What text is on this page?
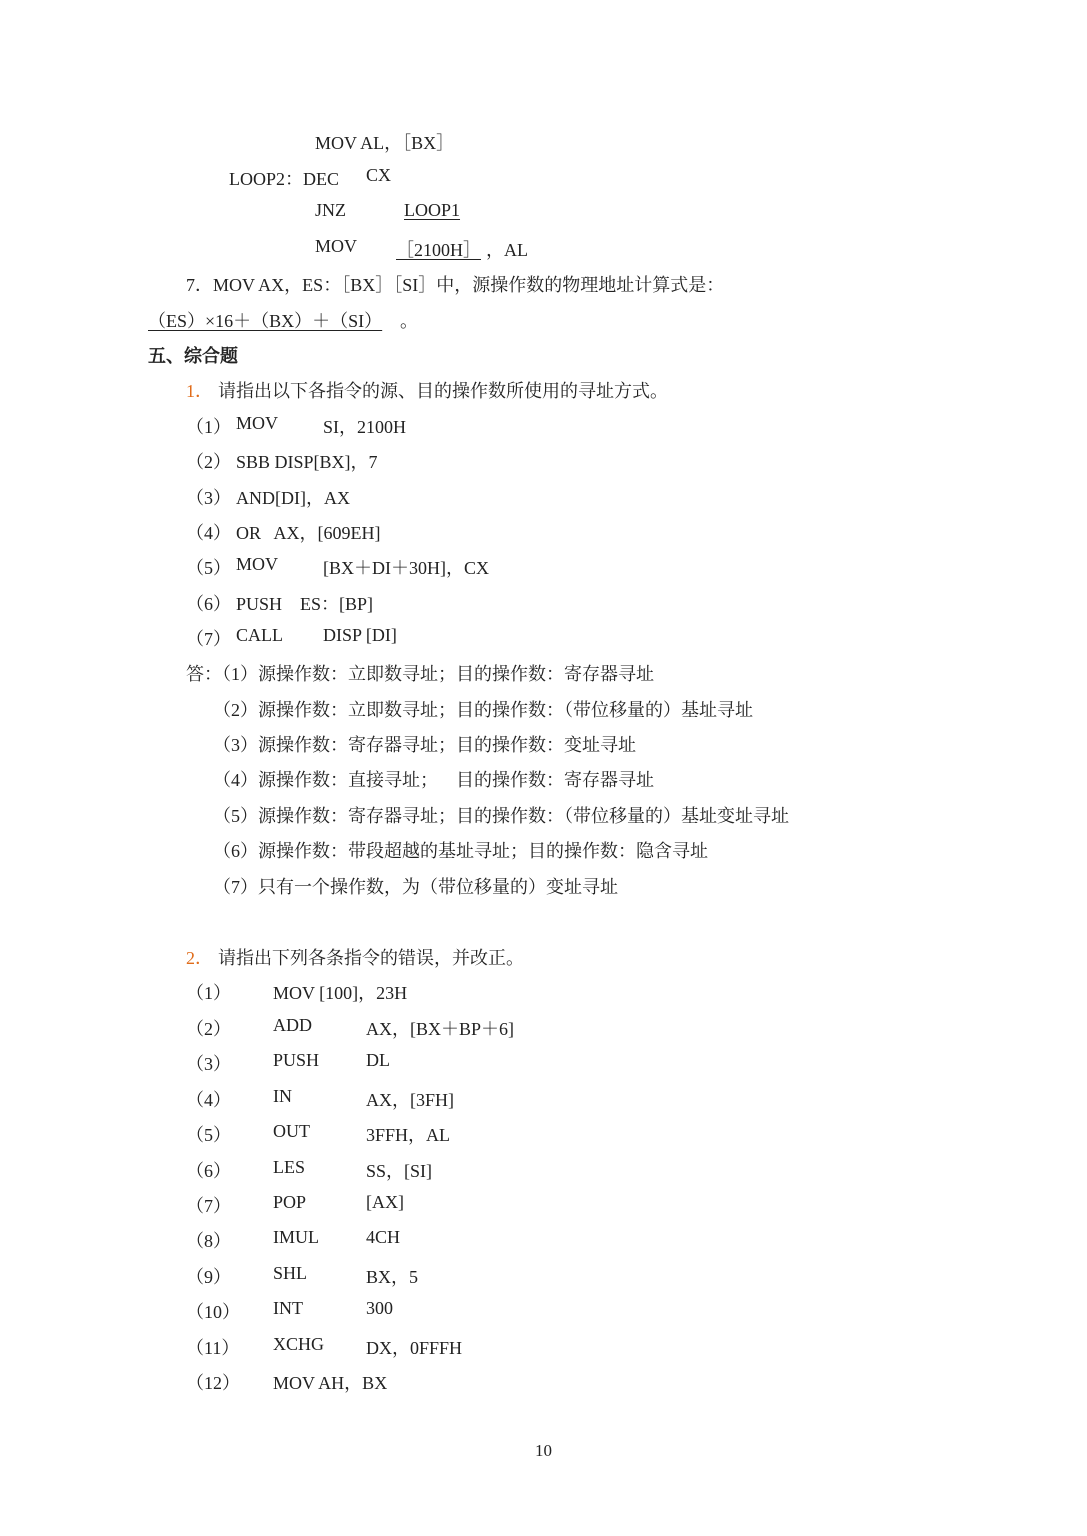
MOV AL，［BX］
LOOP2：DEC CX
JNZ	LOOP1
MOV ［2100H］ ，AL
7．MOV AX，ES：［BX］［SI］中，源操作数的物理地址计算式是：
（ES）×16＋（BX）＋（SI） 。
五、综合题
1． 请指出以下各指令的源、目的操作数所使用的寻址方式。
（1） MOV SI，2100H
（2） SBB DISP[BX]，7
（3） AND[DI]，AX
（4） OR   AX，[609EH]
（5） MOV [BX＋DI＋30H]，CX
（6） PUSH    ES：[BP]
（7） CALL DISP [DI]
答：（1）源操作数：立即数寻址；目的操作数：寄存器寻址
（2）源操作数：立即数寻址；目的操作数：（带位移量的）基址寻址
（3）源操作数：寄存器寻址；目的操作数：变址寻址
（4）源操作数：直接寻址；    目的操作数：寄存器寻址
（5）源操作数：寄存器寻址；目的操作数：（带位移量的）基址变址寻址
（6）源操作数：带段超越的基址寻址；目的操作数：隐含寻址
（7）只有一个操作数，为（带位移量的）变址寻址
2． 请指出下列各条指令的错误，并改正。
（1） MOV [100]，23H
（2） ADD	AX，[BX＋BP＋6]
（3） PUSH	DL
（4） IN	AX，[3FH]
（5） OUT	3FFH，AL
（6） LES	SS，[SI]
（7） POP	[AX]
（8） IMUL	4CH
（9） SHL	BX，5
（10） INT	300
（11） XCHG DX，0FFFH
（12） MOV AH，BX
10
